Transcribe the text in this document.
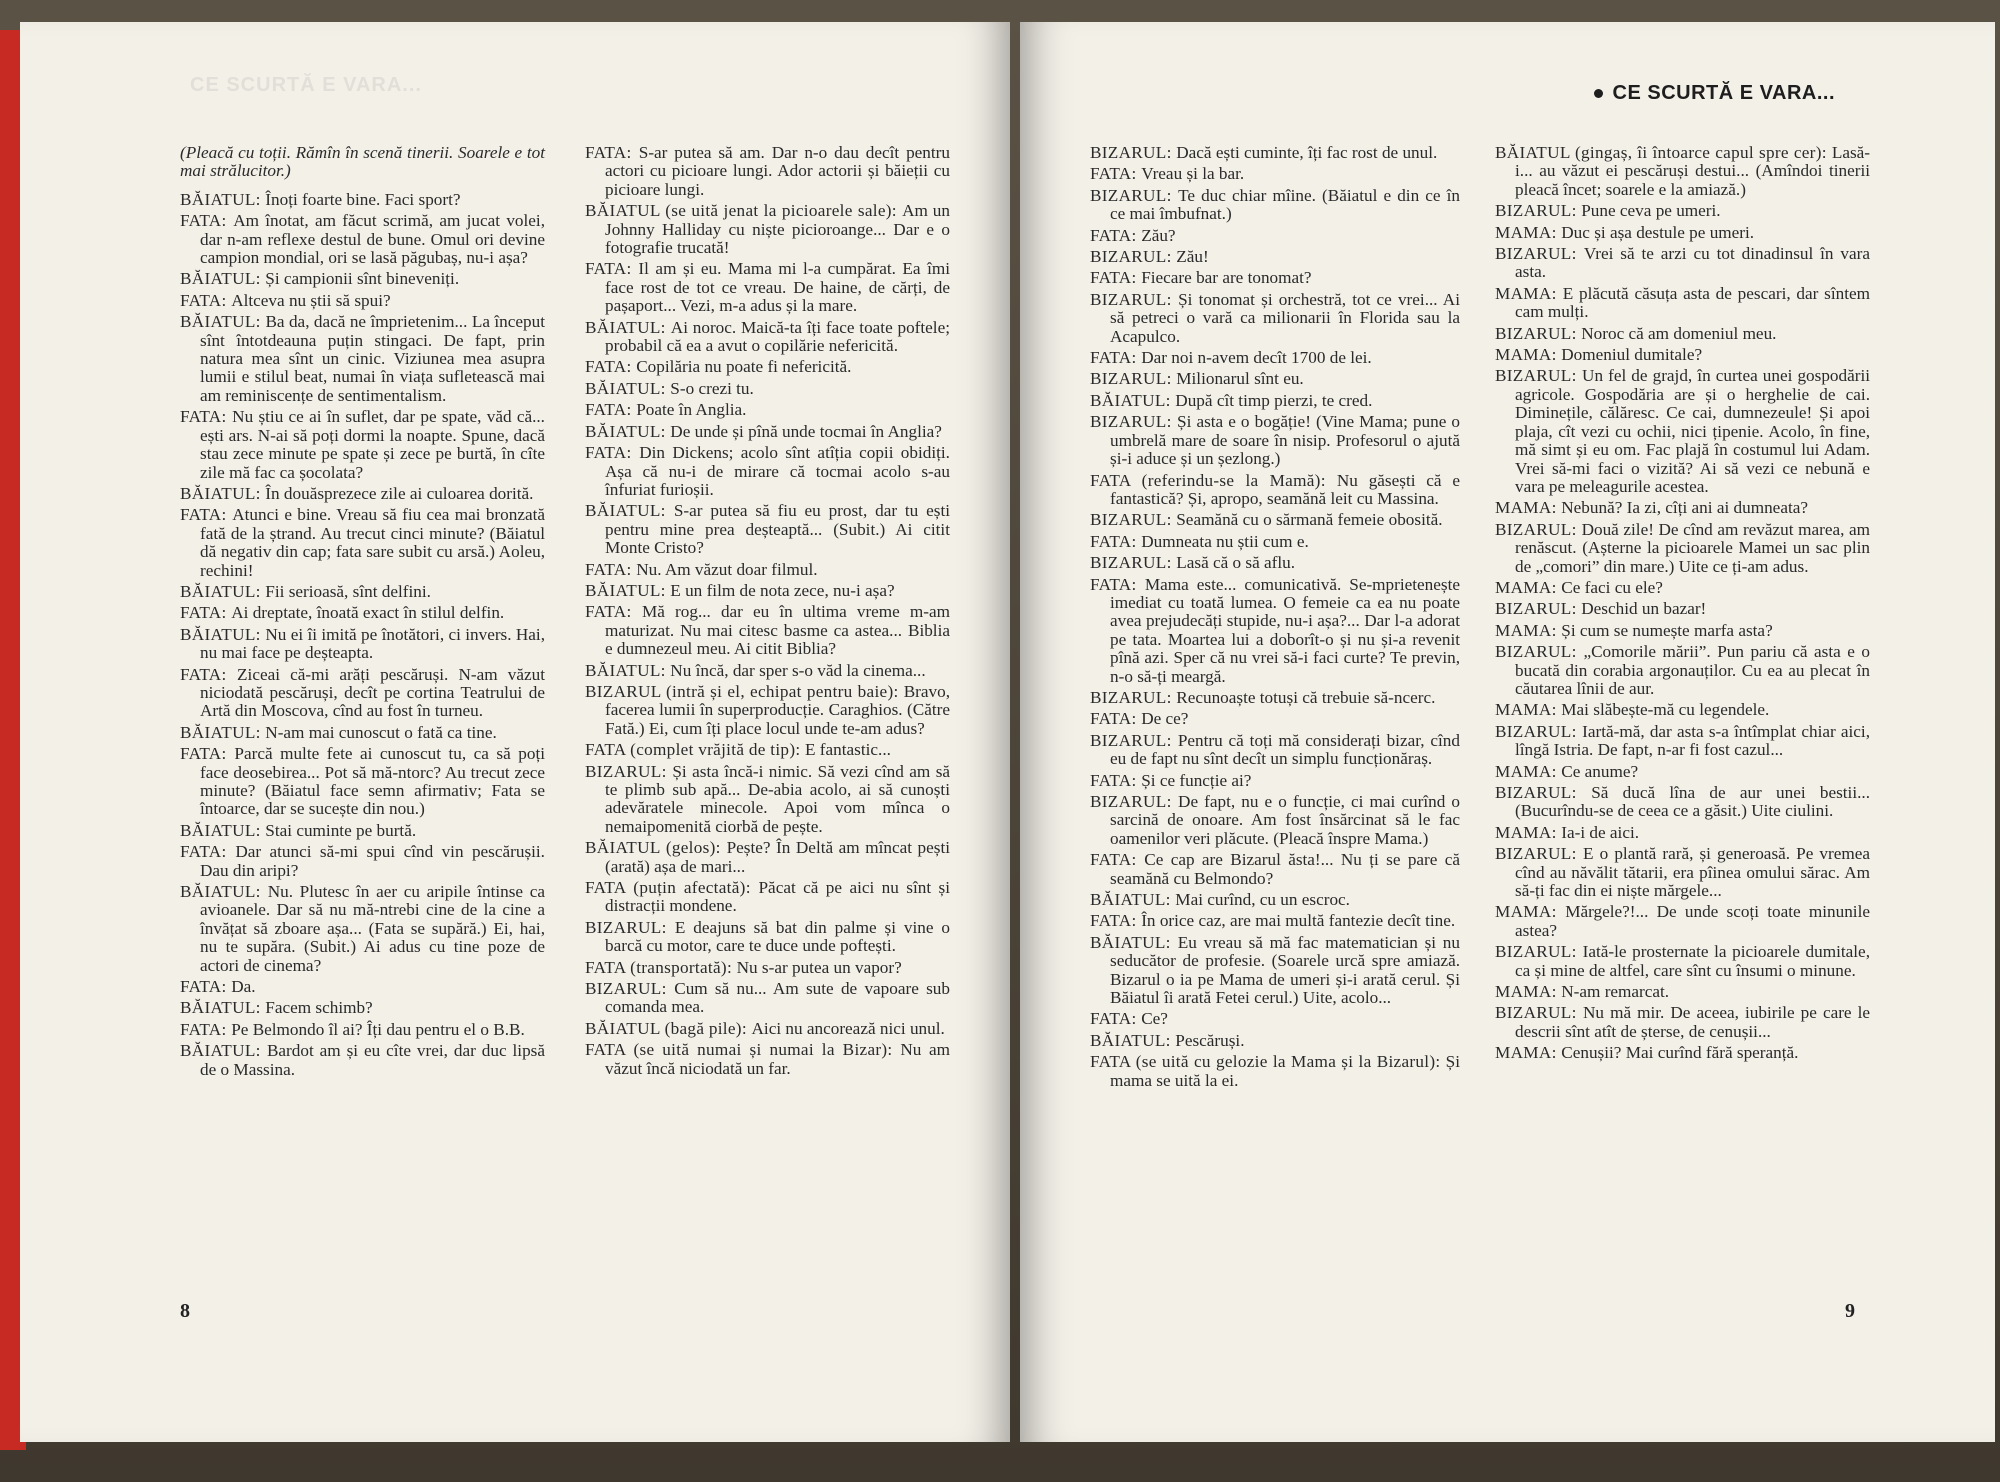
CE SCURTĂ E VARA...

(Pleacă cu toții. Rămîn în scenă tinerii. Soarele e tot mai strălucitor.)

BĂIATUL: Înoți foarte bine. Faci sport?

FATA: Am înotat, am făcut scrimă, am jucat volei, dar n-am reflexe destul de bune. Omul ori devine campion mondial, ori se lasă păgubaș, nu-i așa?

BĂIATUL: Și campionii sînt bineveniți.

FATA: Altceva nu știi să spui?

BĂIATUL: Ba da, dacă ne împrietenim... La început sînt întotdeauna puțin stingaci. De fapt, prin natura mea sînt un cinic. Viziunea mea asupra lumii e stilul beat, numai în viața sufletească mai am reminiscențe de sentimentalism.

FATA: Nu știu ce ai în suflet, dar pe spate, văd că... ești ars. N-ai să poți dormi la noapte. Spune, dacă stau zece minute pe spate și zece pe burtă, în cîte zile mă fac ca șocolata?

BĂIATUL: În douăsprezece zile ai culoarea dorită.

FATA: Atunci e bine. Vreau să fiu cea mai bronzată fată de la ștrand. Au trecut cinci minute? (Băiatul dă negativ din cap; fata sare subit cu arsă.) Aoleu, rechini!

BĂIATUL: Fii serioasă, sînt delfini.

FATA: Ai dreptate, înoată exact în stilul delfin.

BĂIATUL: Nu ei îi imită pe înotători, ci invers. Hai, nu mai face pe deșteapta.

FATA: Ziceai că-mi arăți pescăruși. N-am văzut niciodată pescăruși, decît pe cortina Teatrului de Artă din Moscova, cînd au fost în turneu.

BĂIATUL: N-am mai cunoscut o fată ca tine.

FATA: Parcă multe fete ai cunoscut tu, ca să poți face deosebirea... Pot să mă-ntorc? Au trecut zece minute? (Băiatul face semn afirmativ; Fata se întoarce, dar se sucește din nou.)

BĂIATUL: Stai cuminte pe burtă.

FATA: Dar atunci să-mi spui cînd vin pescărușii. Dau din aripi?

BĂIATUL: Nu. Plutesc în aer cu aripile întinse ca avioanele. Dar să nu mă-ntrebi cine de la cine a învățat să zboare așa... (Fata se supără.) Ei, hai, nu te supăra. (Subit.) Ai adus cu tine poze de actori de cinema?

FATA: Da.

BĂIATUL: Facem schimb?

FATA: Pe Belmondo îl ai? Îți dau pentru el o B.B.

BĂIATUL: Bardot am și eu cîte vrei, dar duc lipsă de o Massina.

FATA: S-ar putea să am. Dar n-o dau decît pentru actori cu picioare lungi. Ador actorii și băieții cu picioare lungi.

BĂIATUL (se uită jenat la picioarele sale): Am un Johnny Halliday cu niște picioroange... Dar e o fotografie trucată!

FATA: Il am și eu. Mama mi l-a cumpărat. Ea îmi face rost de tot ce vreau. De haine, de cărți, de pașaport... Vezi, m-a adus și la mare.

BĂIATUL: Ai noroc. Maică-ta îți face toate poftele; probabil că ea a avut o copilărie nefericită.

FATA: Copilăria nu poate fi nefericită.

BĂIATUL: S-o crezi tu.

FATA: Poate în Anglia.

BĂIATUL: De unde și pînă unde tocmai în Anglia?

FATA: Din Dickens; acolo sînt atîția copii obidiți. Așa că nu-i de mirare că tocmai acolo s-au înfuriat furioșii.

BĂIATUL: S-ar putea să fiu eu prost, dar tu ești pentru mine prea deșteaptă... (Subit.) Ai citit Monte Cristo?

FATA: Nu. Am văzut doar filmul.

BĂIATUL: E un film de nota zece, nu-i așa?

FATA: Mă rog... dar eu în ultima vreme m-am maturizat. Nu mai citesc basme ca astea... Biblia e dumnezeul meu. Ai citit Biblia?

BĂIATUL: Nu încă, dar sper s-o văd la cinema...

BIZARUL (intră și el, echipat pentru baie): Bravo, facerea lumii în superproducție. Caraghios. (Către Fată.) Ei, cum îți place locul unde te-am adus?

FATA (complet vrăjită de tip): E fantastic...

BIZARUL: Și asta încă-i nimic. Să vezi cînd am să te plimb sub apă... De-abia acolo, ai să cunoști adevăratele minecole. Apoi vom mînca o nemaipomenită ciorbă de pește.

BĂIATUL (gelos): Pește? În Deltă am mîncat pești (arată) așa de mari...

FATA (puțin afectată): Păcat că pe aici nu sînt și distracții mondene.

BIZARUL: E deajuns să bat din palme și vine o barcă cu motor, care te duce unde poftești.

FATA (transportată): Nu s-ar putea un vapor?

BIZARUL: Cum să nu... Am sute de vapoare sub comanda mea.

BĂIATUL (bagă pile): Aici nu ancorează nici unul.

FATA (se uită numai și numai la Bizar): Nu am văzut încă niciodată un far.

8
CE SCURTĂ E VARA...

BIZARUL: Dacă ești cuminte, îți fac rost de unul.

FATA: Vreau și la bar.

BIZARUL: Te duc chiar mîine. (Băiatul e din ce în ce mai îmbufnat.)

FATA: Zău?

BIZARUL: Zău!

FATA: Fiecare bar are tonomat?

BIZARUL: Și tonomat și orchestră, tot ce vrei... Ai să petreci o vară ca milionarii în Florida sau la Acapulco.

FATA: Dar noi n-avem decît 1700 de lei.

BIZARUL: Milionarul sînt eu.

BĂIATUL: După cît timp pierzi, te cred.

BIZARUL: Și asta e o bogăție! (Vine Mama; pune o umbrelă mare de soare în nisip. Profesorul o ajută și-i aduce și un șezlong.)

FATA (referindu-se la Mamă): Nu găsești că e fantastică? Și, apropo, seamănă leit cu Massina.

BIZARUL: Seamănă cu o sărmană femeie obosită.

FATA: Dumneata nu știi cum e.

BIZARUL: Lasă că o să aflu.

FATA: Mama este... comunicativă. Se-mprietenește imediat cu toată lumea. O femeie ca ea nu poate avea prejudecăți stupide, nu-i așa?... Dar l-a adorat pe tata. Moartea lui a doborît-o și nu și-a revenit pînă azi. Sper că nu vrei să-i faci curte? Te previn, n-o să-ți meargă.

BIZARUL: Recunoaște totuși că trebuie să-ncerc.

FATA: De ce?

BIZARUL: Pentru că toți mă considerați bizar, cînd eu de fapt nu sînt decît un simplu funcționăraș.

FATA: Și ce funcție ai?

BIZARUL: De fapt, nu e o funcție, ci mai curînd o sarcină de onoare. Am fost însărcinat să le fac oamenilor veri plăcute. (Pleacă înspre Mama.)

FATA: Ce cap are Bizarul ăsta!... Nu ți se pare că seamănă cu Belmondo?

BĂIATUL: Mai curînd, cu un escroc.

FATA: În orice caz, are mai multă fantezie decît tine.

BĂIATUL: Eu vreau să mă fac matematician și nu seducător de profesie. (Soarele urcă spre amiază. Bizarul o ia pe Mama de umeri și-i arată cerul. Și Băiatul îi arată Fetei cerul.) Uite, acolo...

FATA: Ce?

BĂIATUL: Pescăruși.

FATA (se uită cu gelozie la Mama și la Bizarul): Și mama se uită la ei.

BĂIATUL (gingaș, îi întoarce capul spre cer): Lasă-i... au văzut ei pescăruși destui... (Amîndoi tinerii pleacă încet; soarele e la amiază.)

BIZARUL: Pune ceva pe umeri.

MAMA: Duc și așa destule pe umeri.

BIZARUL: Vrei să te arzi cu tot dinadinsul în vara asta.

MAMA: E plăcută căsuța asta de pescari, dar sîntem cam mulți.

BIZARUL: Noroc că am domeniul meu.

MAMA: Domeniul dumitale?

BIZARUL: Un fel de grajd, în curtea unei gospodării agricole. Gospodăria are și o herghelie de cai. Diminețile, călăresc. Ce cai, dumnezeule! Și apoi plaja, cît vezi cu ochii, nici țipenie. Acolo, în fine, mă simt și eu om. Fac plajă în costumul lui Adam. Vrei să-mi faci o vizită? Ai să vezi ce nebună e vara pe meleagurile acestea.

MAMA: Nebună? Ia zi, cîți ani ai dumneata?

BIZARUL: Două zile! De cînd am revăzut marea, am renăscut. (Așterne la picioarele Mamei un sac plin de „comori” din mare.) Uite ce ți-am adus.

MAMA: Ce faci cu ele?

BIZARUL: Deschid un bazar!

MAMA: Și cum se numește marfa asta?

BIZARUL: „Comorile mării”. Pun pariu că asta e o bucată din corabia argonauților. Cu ea au plecat în căutarea lînii de aur.

MAMA: Mai slăbește-mă cu legendele.

BIZARUL: Iartă-mă, dar asta s-a întîmplat chiar aici, lîngă Istria. De fapt, n-ar fi fost cazul...

MAMA: Ce anume?

BIZARUL: Să ducă lîna de aur unei bestii... (Bucurîndu-se de ceea ce a găsit.) Uite ciulini.

MAMA: Ia-i de aici.

BIZARUL: E o plantă rară, și generoasă. Pe vremea cînd au năvălit tătarii, era pîinea omului sărac. Am să-ți fac din ei niște mărgele...

MAMA: Mărgele?!... De unde scoți toate minunile astea?

BIZARUL: Iată-le prosternate la picioarele dumitale, ca și mine de altfel, care sînt cu însumi o minune.

MAMA: N-am remarcat.

BIZARUL: Nu mă mir. De aceea, iubirile pe care le descrii sînt atît de șterse, de cenușii...

MAMA: Cenușii? Mai curînd fără speranță.

9
